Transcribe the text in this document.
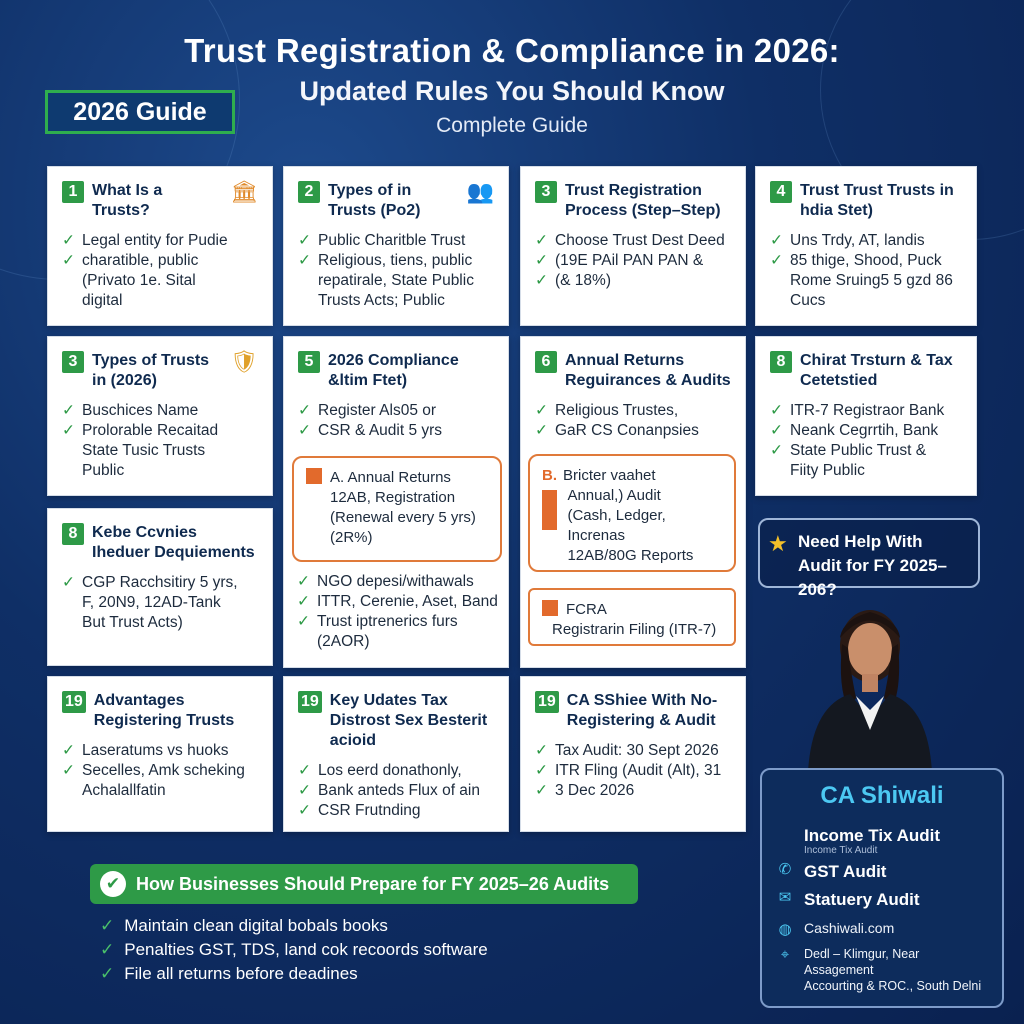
Trust Registration & Compliance in 2026:
Updated Rules You Should Know
Complete Guide
2026 Guide
1 What Is a Trusts?
🏛
✓ Legal entity for Pudie
✓ charatible, public
(Privato 1e. Sital
digital
2 Types of in Trusts (Po2)
👥
✓ Public Charitble Trust
✓ Religious, tiens, public
repatirale, State Public
Trusts Acts; Public
3 Trust Registration Process (Step–Step)
✓ Choose Trust Dest Deed
✓ (19E PAil PAN PAN &
✓ (& 18%)
4 Trust Trust Trusts in hdia Stet)
✓ Uns Trdy, AT, landis
✓ 85 thige, Shood, Puck
Rome Sruing5 5 gzd 86
Cucs
3 Types of Trusts in (2026)
🛡
✓ Buschices Name
✓ Prolorable Recaitad
State Tusic Trusts
Public
5 2026 Compliance &ltim Ftet)
✓ Register Als05 or
✓ CSR & Audit 5 yrs
6 Annual Returns Reguirances & Audits
✓ Religious Trustes,
✓ GaR CS Conanpsies
8 Chirat Trsturn & Tax Cetetstied
✓ ITR-7 Registraor Bank
✓ Neank Cegrrtih, Bank
✓ State Public Trust &
Fiity Public
8 Kebe Ccvnies Iheduer Dequiements
✓ CGP Racchsitiry 5 yrs,
F, 20N9, 12AD-Tank
But Trust Acts)
19 Advantages Registering Trusts
✓ Laseratums vs huoks
✓ Secelles, Amk scheking
Achalallfatin
19 Key Udates Tax Distrost Sex Besterit acioid
✓ Los eerd donathonly,
✓ Bank anteds Flux of ain
✓ CSR Frutnding
19 CA SShiee With No-Registering & Audit
✓ Tax Audit: 30 Sept 2026
✓ ITR Fling (Audit (Alt), 31
✓ 3 Dec 2026
✓ NGO depesi/withawals
✓ ITTR, Cerenie, Aset, Band
✓ Trust iptrenerics furs
(2AOR)
A. Annual Returns
12AB, Registration
(Renewal every 5 yrs)
(2R%)
B. Bricter vaahet
Annual,) Audit
(Cash, Ledger, Increnas
12AB/80G Reports
FCRA
Registrarin Filing (ITR-7)
★ Need Help With Audit for FY 2025–206?
CA Shiwali
Income Tix Audit
Income Tix Audit
✆ GST Audit
✉ Statuery Audit
◍ Cashiwali.com
⌖	Dedl – Klimgur, Near Assagement
Accourting & ROC., South Delni
✔ How Businesses Should Prepare for FY 2025–26 Audits
✓ Maintain clean digital bobals books
✓ Penalties GST, TDS, land cok recoords software
✓ File all returns before deadines
